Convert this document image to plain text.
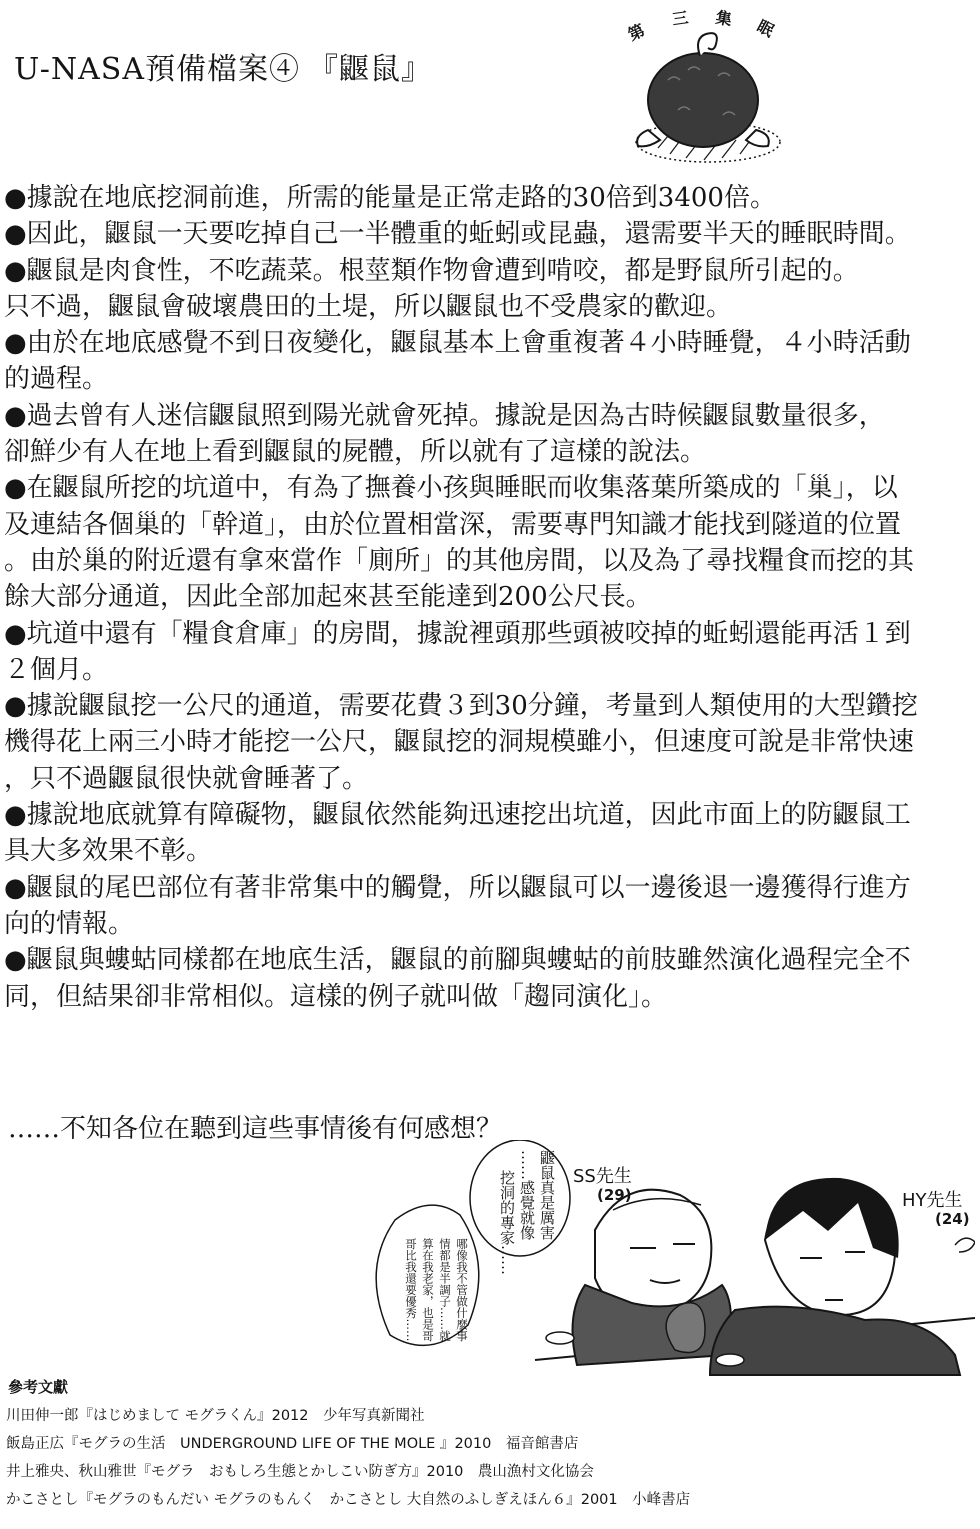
U-NASA預備檔案④ 『鼴鼠』
第
三 集 眠
●據說在地底挖洞前進，所需的能量是正常走路的30倍到3400倍。
●因此，鼴鼠一天要吃掉自己一半體重的蚯蚓或昆蟲，還需要半天的睡眠時間。
●鼴鼠是肉食性，不吃蔬菜。根莖類作物會遭到啃咬，都是野鼠所引起的。
只不過，鼴鼠會破壞農田的土堤，所以鼴鼠也不受農家的歡迎。
●由於在地底感覺不到日夜變化，鼴鼠基本上會重複著４小時睡覺，４小時活動
的過程。
●過去曾有人迷信鼴鼠照到陽光就會死掉。據說是因為古時候鼴鼠數量很多，
卻鮮少有人在地上看到鼴鼠的屍體，所以就有了這樣的說法。
●在鼴鼠所挖的坑道中，有為了撫養小孩與睡眠而收集落葉所築成的「巢」，以
及連結各個巢的「幹道」，由於位置相當深，需要專門知識才能找到隧道的位置
。由於巢的附近還有拿來當作「廁所」的其他房間，以及為了尋找糧食而挖的其
餘大部分通道，因此全部加起來甚至能達到200公尺長。
●坑道中還有「糧食倉庫」的房間，據說裡頭那些頭被咬掉的蚯蚓還能再活１到
２個月。
●據說鼴鼠挖一公尺的通道，需要花費３到30分鐘，考量到人類使用的大型鑽挖
機得花上兩三小時才能挖一公尺，鼴鼠挖的洞規模雖小，但速度可說是非常快速
，只不過鼴鼠很快就會睡著了。
●據說地底就算有障礙物，鼴鼠依然能夠迅速挖出坑道，因此市面上的防鼴鼠工
具大多效果不彰。
●鼴鼠的尾巴部位有著非常集中的觸覺，所以鼴鼠可以一邊後退一邊獲得行進方
向的情報。
●鼴鼠與螻蛄同樣都在地底生活，鼴鼠的前腳與螻蛄的前肢雖然演化過程完全不
同，但結果卻非常相似。這樣的例子就叫做「趨同演化」。
……不知各位在聽到這些事情後有何感想？
SS先生
(29)	HY先生
(24)
鼴鼠真是厲害
……感覺就像
挖洞的專家……
哪像我不管做什麼事
情都是半調子……就
算在我老家，也是哥
哥比我還要優秀……
參考文獻
川田伸一郎『はじめまして モグラくん』2012　少年写真新聞社
飯島正広『モグラの生活　UNDERGROUND LIFE OF THE MOLE 』2010　福音館書店
井上雅央、秋山雅世『モグラ　おもしろ生態とかしこい防ぎ方』2010　農山漁村文化協会
かこさとし『モグラのもんだい モグラのもんく　かこさとし 大自然のふしぎえほん６』2001　小峰書店
